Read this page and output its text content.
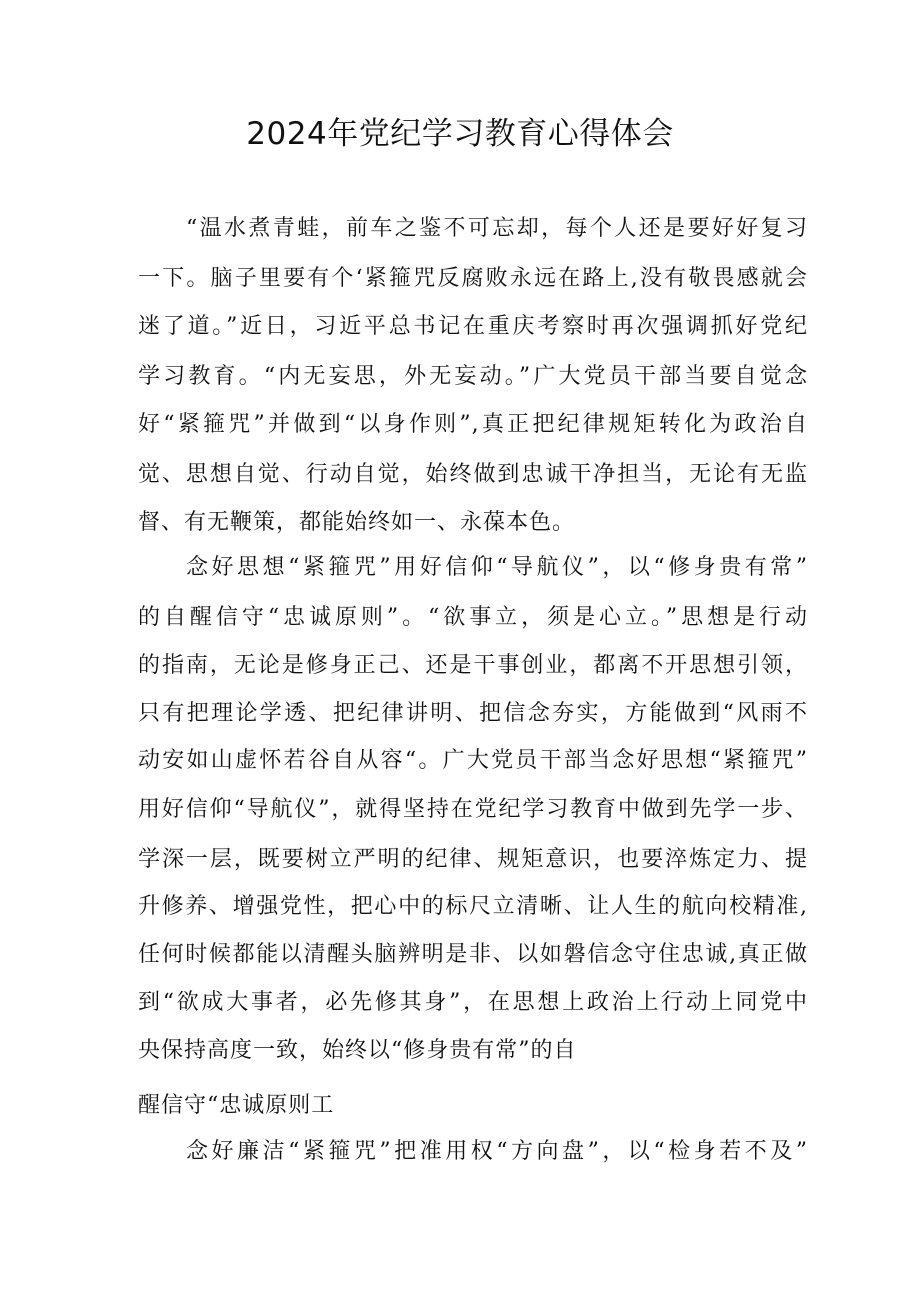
2024年党纪学习教育心得体会
“温水煮青蛙，前车之鉴不可忘却，每个人还是要好好复习
一下。脑子里要有个‘紧箍咒反腐败永远在路上,没有敬畏感就会
迷了道。”近日，习近平总书记在重庆考察时再次强调抓好党纪
学习教育。“内无妄思，外无妄动。”广大党员干部当要自觉念
好“紧箍咒”并做到“以身作则”,真正把纪律规矩转化为政治自
觉、思想自觉、行动自觉，始终做到忠诚干净担当，无论有无监
督、有无鞭策，都能始终如一、永葆本色。
念好思想“紧箍咒”用好信仰“导航仪”，以“修身贵有常”
的自醒信守“忠诚原则”。“欲事立，须是心立。”思想是行动
的指南，无论是修身正己、还是干事创业，都离不开思想引领，
只有把理论学透、把纪律讲明、把信念夯实，方能做到“风雨不
动安如山虚怀若谷自从容“。广大党员干部当念好思想“紧箍咒”
用好信仰“导航仪”，就得坚持在党纪学习教育中做到先学一步、
学深一层，既要树立严明的纪律、规矩意识，也要淬炼定力、提
升修养、增强党性，把心中的标尺立清晰、让人生的航向校精准,
任何时候都能以清醒头脑辨明是非、以如磐信念守住忠诚,真正做
到“欲成大事者，必先修其身”，在思想上政治上行动上同党中
央保持高度一致，始终以“修身贵有常”的自
醒信守“忠诚原则工
念好廉洁“紧箍咒”把准用权“方向盘”，以“检身若不及”
